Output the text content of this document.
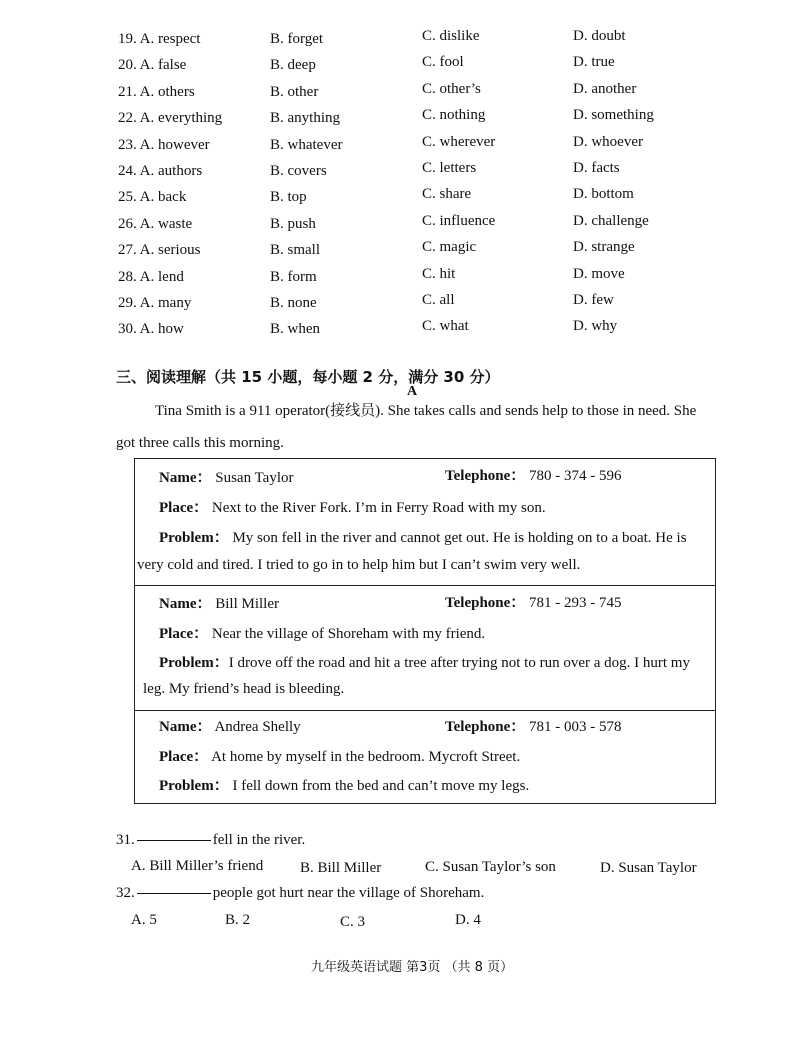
19. A. respect	B. forget	C. dislike	D. doubt
20. A. false	B. deep	C. fool	D. true
21. A. others	B. other	C. other’s	D. another
22. A. everything	B. anything	C. nothing	D. something
23. A. however	B. whatever	C. wherever	D. whoever
24. A. authors	B. covers	C. letters	D. facts
25. A. back	B. top	C. share	D. bottom
26. A. waste	B. push	C. influence	D. challenge
27. A. serious	B. small	C. magic	D. strange
28. A. lend	B. form	C. hit	D. move
29. A. many	B. none	C. all	D. few
30. A. how	B. when	C. what	D. why
三、阅读理解（共 15 小题，每小题 2 分，满分 30 分）
A
Tina Smith is a 911 operator(接线员). She takes calls and sends help to those in need. She
got three calls this morning.
Name： Susan Taylor	Telephone： 780 - 374 - 596
Place： Next to the River Fork. I’m in Ferry Road with my son.
Problem： My son fell in the river and cannot get out. He is holding on to a boat. He is
very cold and tired. I tried to go in to help him but I can’t swim very well.
Name： Bill Miller	Telephone： 781 - 293 - 745
Place： Near the village of Shoreham with my friend.
Problem：I drove off the road and hit a tree after trying not to run over a dog. I hurt my
leg. My friend’s head is bleeding.
Name： Andrea Shelly	Telephone： 781 - 003 - 578
Place： At home by myself in the bedroom. Mycroft Street.
Problem： I fell down from the bed and can’t move my legs.
31.	fell in the river.
A. Bill Miller’s friend B. Bill Miller	C. Susan Taylor’s son	D. Susan Taylor
32.	people got hurt near the village of Shoreham.
A. 5	B. 2	C. 3	D. 4
九年级英语试题 第3页 （共 8 页）
